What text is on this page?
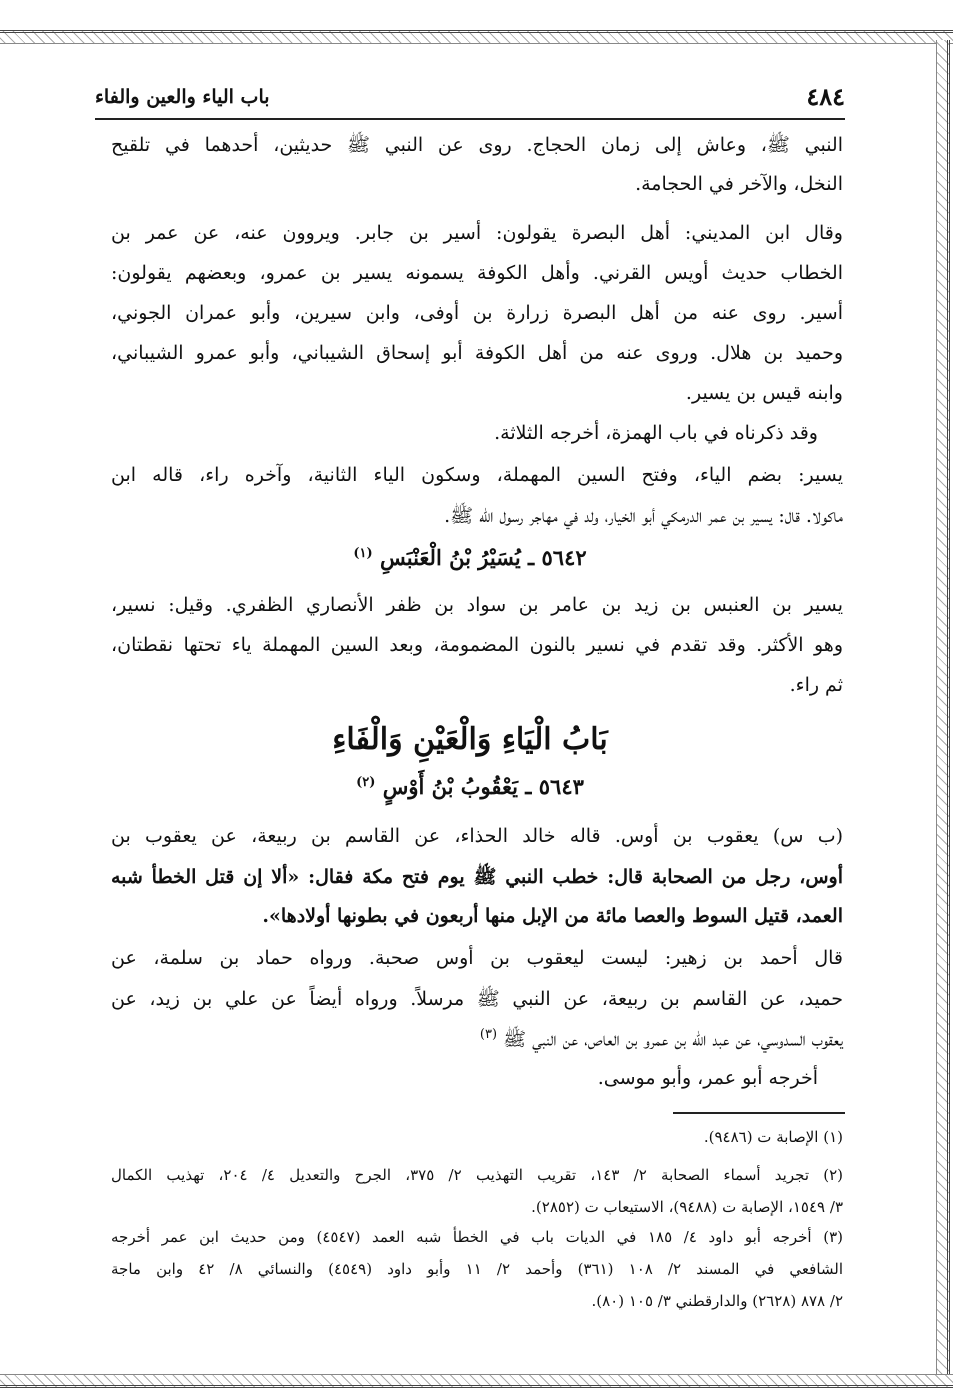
٤٨٤
باب الياء والعين والفاء
النبي ﷺ، وعاش إلى زمان الحجاج. روى عن النبي ﷺ حديثين، أحدهما في تلقيح
النخل، والآخر في الحجامة.
وقال ابن المديني: أهل البصرة يقولون: أسير بن جابر. ويروون عنه، عن عمر بن
الخطاب حديث أويس القرني. وأهل الكوفة يسمونه يسير بن عمرو، وبعضهم يقولون:
أسير. روى عنه من أهل البصرة زرارة بن أوفى، وابن سيرين، وأبو عمران الجوني،
وحميد بن هلال. وروى عنه من أهل الكوفة أبو إسحاق الشيباني، وأبو عمرو الشيباني،
وابنه قيس بن يسير.
وقد ذكرناه في باب الهمزة، أخرجه الثلاثة.
يسير: بضم الياء، وفتح السين المهملة، وسكون الياء الثانية، وآخره راء، قاله ابن
ماكولا. قال: يسير بن عمر الدرمكي أبو الخيار، ولد في مهاجر رسول الله ﷺ.
٥٦٤٢ ـ يُسَيْرُ بْنُ الْعَنْبَسِ $^{(١)}$
يسير بن العنبس بن زيد بن عامر بن سواد بن ظفر الأنصاري الظفري. وقيل: نسير،
وهو الأكثر. وقد تقدم في نسير بالنون المضمومة، وبعد السين المهملة ياء تحتها نقطتان،
ثم راء.
بَابُ الْيَاءِ وَالْعَيْنِ وَالْفَاءِ
٥٦٤٣ ـ يَعْقُوبُ بْنُ أَوْسٍ $^{(٢)}$
(ب س) يعقوب بن أوس. قاله خالد الحذاء، عن القاسم بن ربيعة، عن يعقوب بن
أوس، رجل من الصحابة قال: خطب النبي ﷺ يوم فتح مكة فقال: «ألا إن قتل الخطأ شبه
العمد، قتيل السوط والعصا مائة من الإبل منها أربعون في بطونها أولادها».
قال أحمد بن زهير: ليست ليعقوب بن أوس صحبة. ورواه حماد بن سلمة، عن
حميد، عن القاسم بن ربيعة، عن النبي ﷺ مرسلاً. ورواه أيضاً عن علي بن زيد، عن
يعقوب السدوسي، عن عبد الله بن عمرو بن العاص، عن النبي ﷺ $^{(٣)}$
أخرجه أبو عمر، وأبو موسى.
(١) الإصابة ت (٩٤٨٦).
(٢) تجريد أسماء الصحابة ٢/ ١٤٣، تقريب التهذيب ٢/ ٣٧٥، الجرح والتعديل ٤/ ٢٠٤، تهذيب الكمال
٣/ ١٥٤٩، الإصابة ت (٩٤٨٨)، الاستيعاب ت (٢٨٥٢).
(٣) أخرجه أبو داود ٤/ ١٨٥ في الديات باب في الخطأ شبه العمد (٤٥٤٧) ومن حديث ابن عمر أخرجه
الشافعي في المسند ٢/ ١٠٨ (٣٦١) وأحمد ٢/ ١١ وأبو داود (٤٥٤٩) والنسائي ٨/ ٤٢ وابن ماجة
٢/ ٨٧٨ (٢٦٢٨) والدارقطني ٣/ ١٠٥ (٨٠).
